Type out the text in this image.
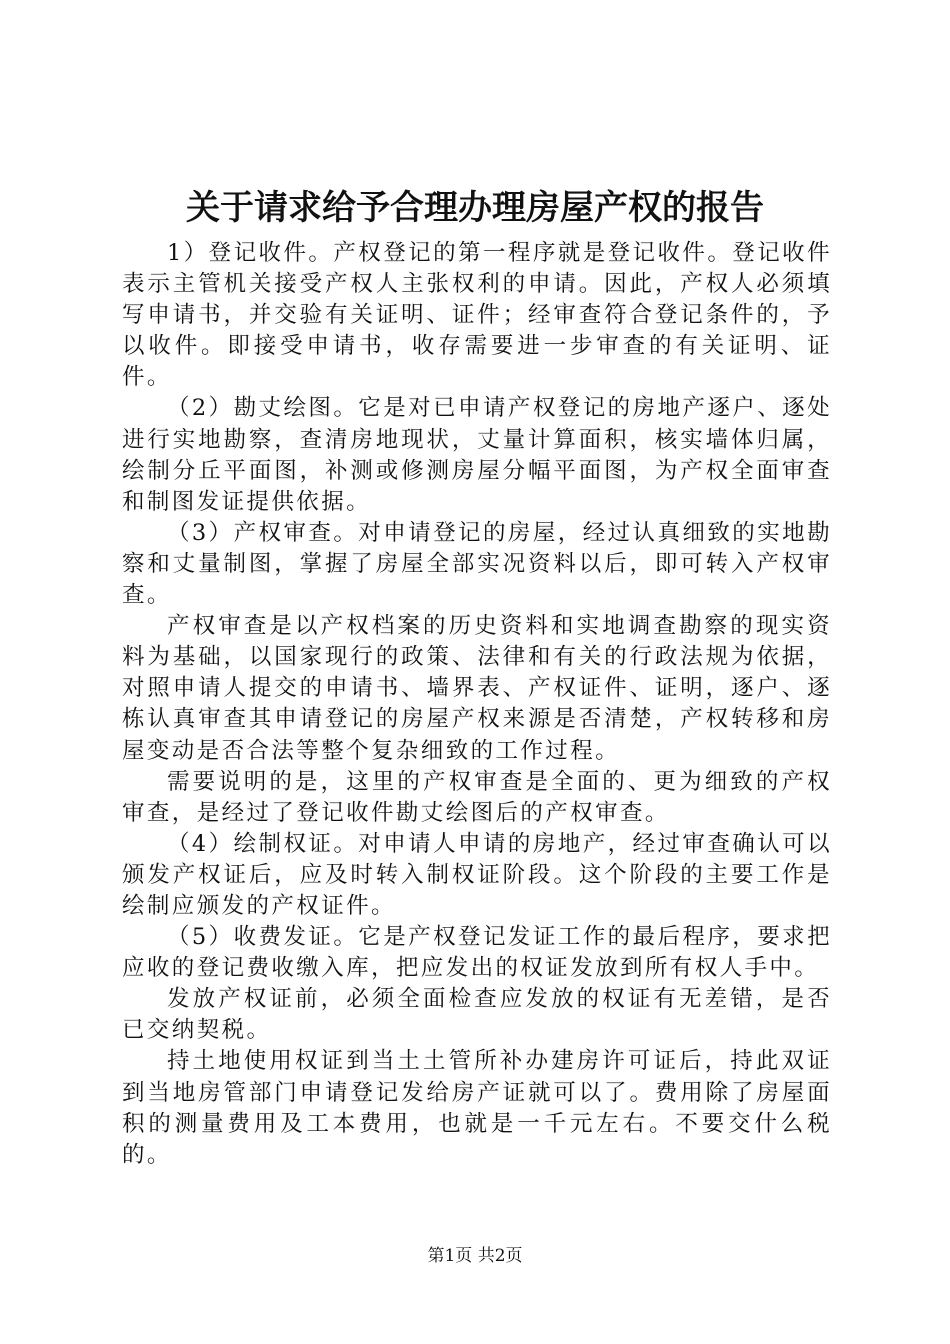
关于请求给予合理办理房屋产权的报告

1）登记收件。产权登记的第一程序就是登记收件。登记收件表示主管机关接受产权人主张权利的申请。因此，产权人必须填写申请书，并交验有关证明、证件；经审查符合登记条件的，予以收件。即接受申请书，收存需要进一步审查的有关证明、证件。

（2）勘丈绘图。它是对已申请产权登记的房地产逐户、逐处进行实地勘察，查清房地现状，丈量计算面积，核实墙体归属，绘制分丘平面图，补测或修测房屋分幅平面图，为产权全面审查和制图发证提供依据。

（3）产权审查。对申请登记的房屋，经过认真细致的实地勘察和丈量制图，掌握了房屋全部实况资料以后，即可转入产权审查。

产权审查是以产权档案的历史资料和实地调查勘察的现实资料为基础，以国家现行的政策、法律和有关的行政法规为依据，对照申请人提交的申请书、墙界表、产权证件、证明，逐户、逐栋认真审查其申请登记的房屋产权来源是否清楚，产权转移和房屋变动是否合法等整个复杂细致的工作过程。

需要说明的是，这里的产权审查是全面的、更为细致的产权审查，是经过了登记收件勘丈绘图后的产权审查。

（4）绘制权证。对申请人申请的房地产，经过审查确认可以颁发产权证后，应及时转入制权证阶段。这个阶段的主要工作是绘制应颁发的产权证件。

（5）收费发证。它是产权登记发证工作的最后程序，要求把应收的登记费收缴入库，把应发出的权证发放到所有权人手中。

发放产权证前，必须全面检查应发放的权证有无差错，是否已交纳契税。

持土地使用权证到当土土管所补办建房许可证后，持此双证到当地房管部门申请登记发给房产证就可以了。费用除了房屋面积的测量费用及工本费用，也就是一千元左右。不要交什么税的。

第1页 共2页
